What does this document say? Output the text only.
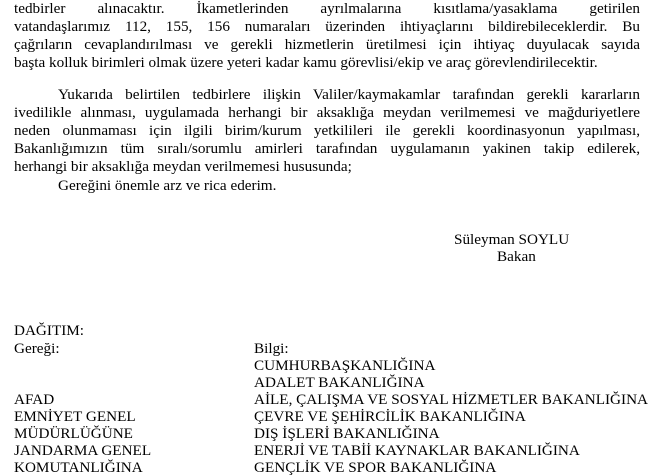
tedbirler alınacaktır. İkametlerinden ayrılmalarına kısıtlama/yasaklama getirilen
vatandaşlarımız 112, 155, 156 numaraları üzerinden ihtiyaçlarını bildirebileceklerdir. Bu
çağrıların cevaplandırılması ve gerekli hizmetlerin üretilmesi için ihtiyaç duyulacak sayıda
başta kolluk birimleri olmak üzere yeteri kadar kamu görevlisi/ekip ve araç görevlendirilecektir.
Yukarıda belirtilen tedbirlere ilişkin Valiler/kaymakamlar tarafından gerekli kararların
ivedilikle alınması, uygulamada herhangi bir aksaklığa meydan verilmemesi ve mağduriyetlere
neden olunmaması için ilgili birim/kurum yetkilileri ile gerekli koordinasyonun yapılması,
Bakanlığımızın tüm sıralı/sorumlu amirleri tarafından uygulamanın yakinen takip edilerek,
herhangi bir aksaklığa meydan verilmemesi hususunda;
Gereğini önemle arz ve rica ederim.
Süleyman SOYLU
Bakan
DAĞITIM:
Gereği:	Bilgi:
CUMHURBAŞKANLIĞINA
ADALET BAKANLIĞINA
AİLE, ÇALIŞMA VE SOSYAL HİZMETLER BAKANLIĞINA
ÇEVRE VE ŞEHİRCİLİK BAKANLIĞINA
DIŞ İŞLERİ BAKANLIĞINA
ENERJİ VE TABİİ KAYNAKLAR BAKANLIĞINA
GENÇLİK VE SPOR BAKANLIĞINA
AFAD
EMNİYET GENEL
MÜDÜRLÜĞÜNE
JANDARMA GENEL
KOMUTANLIĞINA
